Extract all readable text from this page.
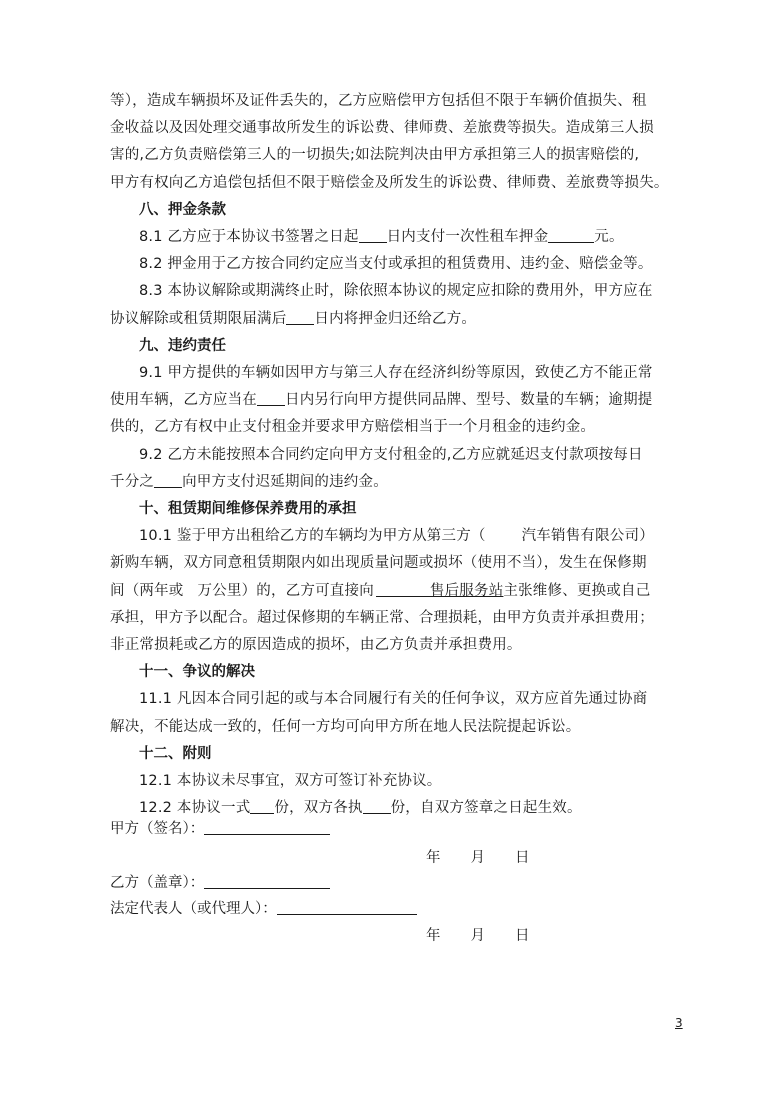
等），造成车辆损坏及证件丢失的，乙方应赔偿甲方包括但不限于车辆价值损失、租
金收益以及因处理交通事故所发生的诉讼费、律师费、差旅费等损失。造成第三人损
害的,乙方负责赔偿第三人的一切损失;如法院判决由甲方承担第三人的损害赔偿的,
甲方有权向乙方追偿包括但不限于赔偿金及所发生的诉讼费、律师费、差旅费等损失。

八、押金条款

8.1 乙方应于本协议书签署之日起 日内支付一次性租车押金	元。

8.2 押金用于乙方按合同约定应当支付或承担的租赁费用、违约金、赔偿金等。

8.3 本协议解除或期满终止时，除依照本协议的规定应扣除的费用外，甲方应在

协议解除或租赁期限届满后 日内将押金归还给乙方。

九、违约责任

9.1 甲方提供的车辆如因甲方与第三人存在经济纠纷等原因，致使乙方不能正常

使用车辆，乙方应当在 日内另行向甲方提供同品牌、型号、数量的车辆；逾期提
供的，乙方有权中止支付租金并要求甲方赔偿相当于一个月租金的违约金。

9.2 乙方未能按照本合同约定向甲方支付租金的,乙方应就延迟支付款项按每日

千分之 向甲方支付迟延期间的违约金。

十、租赁期间维修保养费用的承担

10.1 鉴于甲方出租给乙方的车辆均为甲方从第三方（ 汽车销售有限公司）

新购车辆，双方同意租赁期限内如出现质量问题或损坏（使用不当），发生在保修期
间（两年或 万公里）的，乙方可直接向	售后服务站主张维修、更换或自己
承担，甲方予以配合。超过保修期的车辆正常、合理损耗，由甲方负责并承担费用；
非正常损耗或乙方的原因造成的损坏，由乙方负责并承担费用。

十一、争议的解决

11.1 凡因本合同引起的或与本合同履行有关的任何争议，双方应首先通过协商

解决，不能达成一致的，任何一方均可向甲方所在地人民法院提起诉讼。

十二、附则

12.1 本协议未尽事宜，双方可签订补充协议。

12.2 本协议一式 份，双方各执 份，自双方签章之日起生效。

甲方（签名）：
年 月 日
乙方（盖章）：
法定代表人（或代理人）：
年 月 日
3
